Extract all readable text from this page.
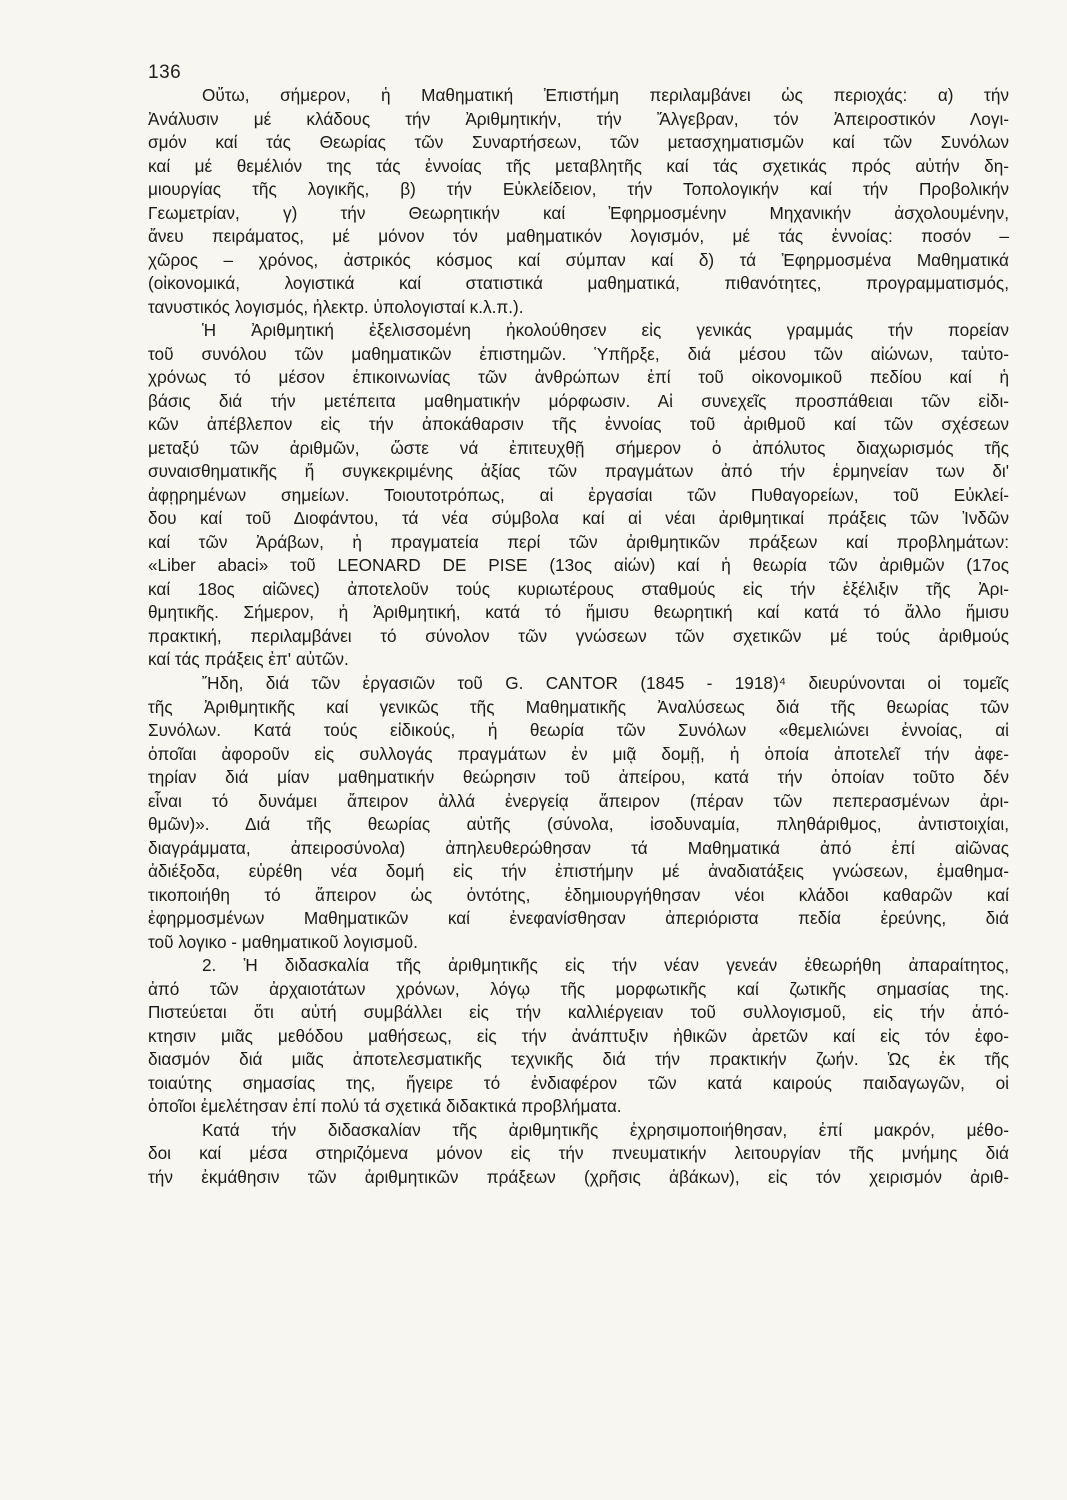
136
Οὔτω, σήμερον, ἡ Μαθηματική Ἐπιστήμη περιλαμβάνει ὡς περιοχάς: α) τήν
Ἀνάλυσιν μέ κλάδους τήν Ἀριθμητικήν, τήν Ἄλγεβραν, τόν Ἀπειροστικόν Λογι-
σμόν καί τάς Θεωρίας τῶν Συναρτήσεων, τῶν μετασχηματισμῶν καί τῶν Συνόλων
καί μέ θεμέλιόν της τάς ἐννοίας τῆς μεταβλητῆς καί τάς σχετικάς πρός αὐτήν δη-
μιουργίας τῆς λογικῆς, β) τήν Εὐκλείδειον, τήν Τοπολογικήν καί τήν Προβολικήν
Γεωμετρίαν, γ) τήν Θεωρητικήν καί Ἐφηρμοσμένην Μηχανικήν ἀσχολουμένην,
ἄνευ πειράματος, μέ μόνον τόν μαθηματικόν λογισμόν, μέ τάς ἐννοίας: ποσόν –
χῶρος – χρόνος, ἀστρικός κόσμος καί σύμπαν καί δ) τά Ἐφηρμοσμένα Μαθηματικά
(οἰκονομικά, λογιστικά καί στατιστικά μαθηματικά, πιθανότητες, προγραμματισμός,
τανυστικός λογισμός, ἠλεκτρ. ὑπολογισταί κ.λ.π.).
Ἡ Ἀριθμητική ἐξελισσομένη ἠκολούθησεν εἰς γενικάς γραμμάς τήν πορείαν
τοῦ συνόλου τῶν μαθηματικῶν ἐπιστημῶν. Ὑπῆρξε, διά μέσου τῶν αἰώνων, ταὐτο-
χρόνως τό μέσον ἐπικοινωνίας τῶν ἀνθρώπων ἐπί τοῦ οἰκονομικοῦ πεδίου καί ἡ
βάσις διά τήν μετέπειτα μαθηματικήν μόρφωσιν. Αἱ συνεχεῖς προσπάθειαι τῶν εἰδι-
κῶν ἀπέβλεπον εἰς τήν ἀποκάθαρσιν τῆς ἐννοίας τοῦ ἀριθμοῦ καί τῶν σχέσεων
μεταξύ τῶν ἀριθμῶν, ὥστε νά ἐπιτευχθῇ σήμερον ὁ ἀπόλυτος διαχωρισμός τῆς
συναισθηματικῆς ἤ συγκεκριμένης ἀξίας τῶν πραγμάτων ἀπό τήν ἑρμηνείαν των δι'
ἀφῃρημένων σημείων. Τοιουτοτρόπως, αἱ ἐργασίαι τῶν Πυθαγορείων, τοῦ Εὐκλεί-
δου καί τοῦ Διοφάντου, τά νέα σύμβολα καί αἱ νέαι ἀριθμητικαί πράξεις τῶν Ἰνδῶν
καί τῶν Ἀράβων, ἡ πραγματεία περί τῶν ἀριθμητικῶν πράξεων καί προβλημάτων:
«Liber abaci» τοῦ LEONARD DE PISE (13ος αἰών) καί ἡ θεωρία τῶν ἀριθμῶν (17ος
καί 18ος αἰῶνες) ἀποτελοῦν τούς κυριωτέρους σταθμούς εἰς τήν ἐξέλιξιν τῆς Ἀρι-
θμητικῆς. Σήμερον, ἡ Ἀριθμητική, κατά τό ἥμισυ θεωρητική καί κατά τό ἄλλο ἥμισυ
πρακτική, περιλαμβάνει τό σύνολον τῶν γνώσεων τῶν σχετικῶν μέ τούς ἀριθμούς
καί τάς πράξεις ἐπ' αὐτῶν.
Ἤδη, διά τῶν ἐργασιῶν τοῦ G. CANTOR (1845 - 1918)⁴ διευρύνονται οἱ τομεῖς
τῆς Ἀριθμητικῆς καί γενικῶς τῆς Μαθηματικῆς Ἀναλύσεως διά τῆς θεωρίας τῶν
Συνόλων. Κατά τούς εἰδικούς, ἡ θεωρία τῶν Συνόλων «θεμελιώνει ἐννοίας, αἱ
ὁποῖαι ἀφοροῦν εἰς συλλογάς πραγμάτων ἐν μιᾷ δομῇ, ἡ ὁποία ἀποτελεῖ τήν ἀφε-
τηρίαν διά μίαν μαθηματικήν θεώρησιν τοῦ ἀπείρου, κατά τήν ὁποίαν τοῦτο δέν
εἶναι τό δυνάμει ἄπειρον ἀλλά ἐνεργείᾳ ἄπειρον (πέραν τῶν πεπερασμένων ἀρι-
θμῶν)». Διά τῆς θεωρίας αὐτῆς (σύνολα, ἰσοδυναμία, πληθάριθμος, ἀντιστοιχίαι,
διαγράμματα, ἀπειροσύνολα) ἀπηλευθερώθησαν τά Μαθηματικά ἀπό ἐπί αἰῶνας
ἀδιέξοδα, εὑρέθη νέα δομή εἰς τήν ἐπιστήμην μέ ἀναδιατάξεις γνώσεων, ἐμαθημα-
τικοποιήθη τό ἄπειρον ὡς ὀντότης, ἐδημιουργήθησαν νέοι κλάδοι καθαρῶν καί
ἐφηρμοσμένων Μαθηματικῶν καί ἐνεφανίσθησαν ἀπεριόριστα πεδία ἐρεύνης, διά
τοῦ λογικο - μαθηματικοῦ λογισμοῦ.
2. Ἡ διδασκαλία τῆς ἀριθμητικῆς εἰς τήν νέαν γενεάν ἐθεωρήθη ἀπαραίτητος,
ἀπό τῶν ἀρχαιοτάτων χρόνων, λόγῳ τῆς μορφωτικῆς καί ζωτικῆς σημασίας της.
Πιστεύεται ὅτι αὐτή συμβάλλει εἰς τήν καλλιέργειαν τοῦ συλλογισμοῦ, εἰς τήν ἀπό-
κτησιν μιᾶς μεθόδου μαθήσεως, εἰς τήν ἀνάπτυξιν ἠθικῶν ἀρετῶν καί εἰς τόν ἐφο-
διασμόν διά μιᾶς ἀποτελεσματικῆς τεχνικῆς διά τήν πρακτικήν ζωήν. Ὡς ἐκ τῆς
τοιαύτης σημασίας της, ἤγειρε τό ἐνδιαφέρον τῶν κατά καιρούς παιδαγωγῶν, οἱ
ὁποῖοι ἐμελέτησαν ἐπί πολύ τά σχετικά διδακτικά προβλήματα.
Κατά τήν διδασκαλίαν τῆς ἀριθμητικῆς ἐχρησιμοποιήθησαν, ἐπί μακρόν, μέθο-
δοι καί μέσα στηριζόμενα μόνον εἰς τήν πνευματικήν λειτουργίαν τῆς μνήμης διά
τήν ἐκμάθησιν τῶν ἀριθμητικῶν πράξεων (χρῆσις ἀβάκων), εἰς τόν χειρισμόν ἀριθ-
